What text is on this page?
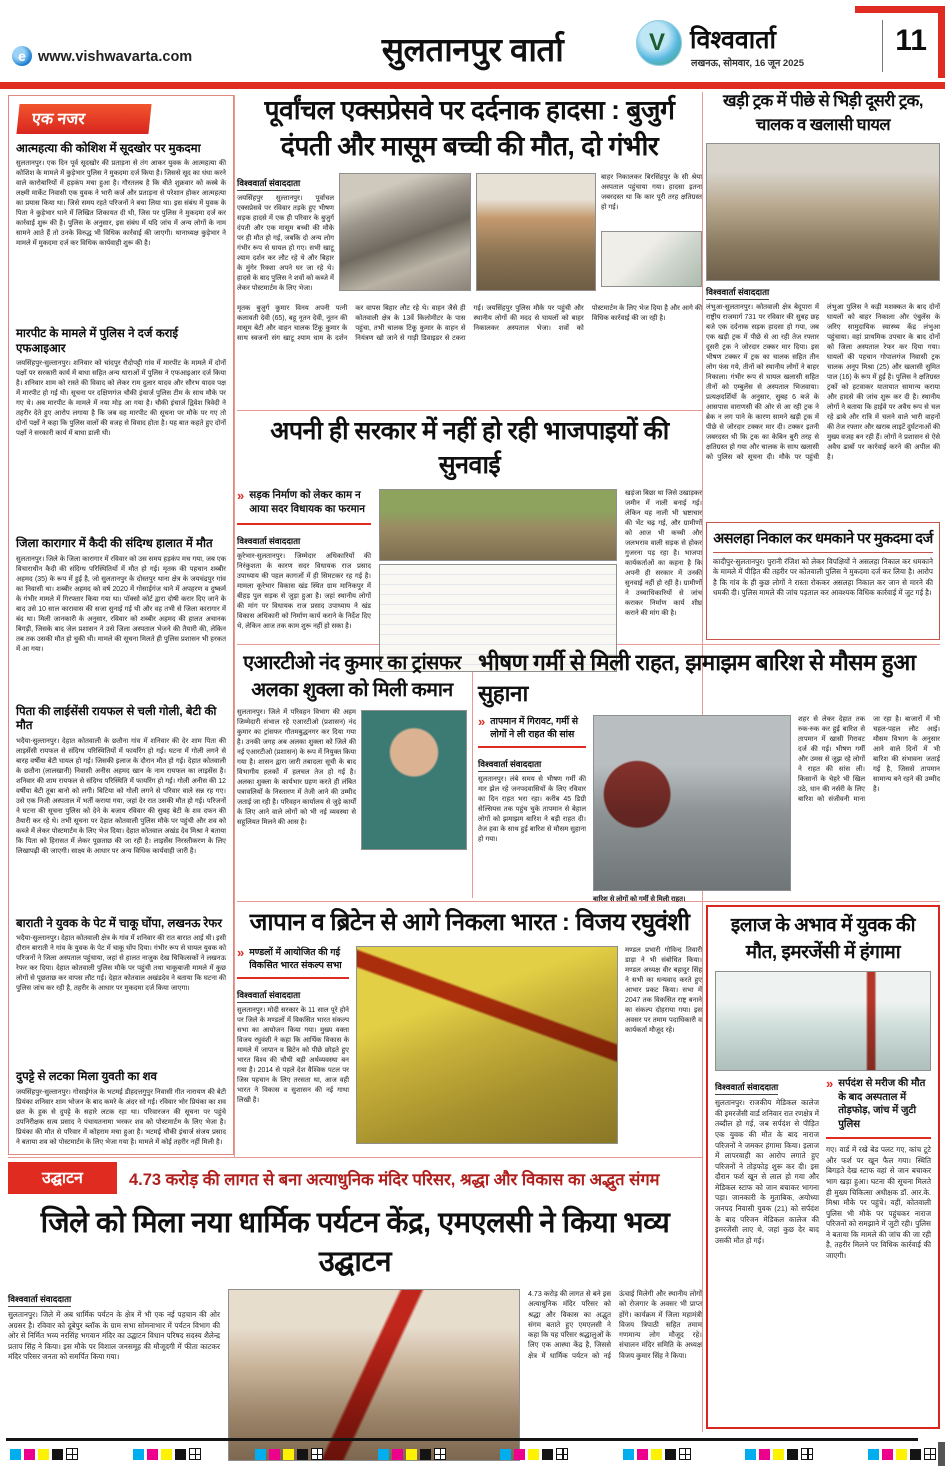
e www.vishwavarta.com	सुलतानपुर वार्ता	V विश्ववार्ता
लखनऊ, सोमवार, 16 जून 2025
11
एक नजर
आत्महत्या की कोशिश में सूदखोर पर मुकदमा
सुलतानपुर। एक दिन पूर्व सूदखोर की प्रताड़ना से तंग आकर युवक के आत्महत्या की कोशिश के मामले में कुड़ेभार पुलिस ने मुकदमा दर्ज किया है। जिससे सूद का धंधा करने वाले कारोबारियों में हड़कंप मचा हुआ है। गौरतलब है कि बीते शुक्रवार को कस्बे के लक्ष्मी मार्केट निवासी एक युवक ने भारी कर्ज और प्रताड़ना से परेशान होकर आत्महत्या का प्रयास किया था। जिसे समय रहते परिजनों ने बचा लिया था। इस संबंध में युवक के पिता ने कुड़ेभार थाने में लिखित शिकायत दी थी, जिस पर पुलिस ने मुकदमा दर्ज कर कार्रवाई शुरू की है। पुलिस के अनुसार, इस संबंध में यदि जांच में अन्य लोगों के नाम सामने आते हैं तो उनके विरुद्ध भी विधिक कार्रवाई की जाएगी। थानाध्यक्ष कुड़ेभार ने मामले में मुकदमा दर्ज कर विधिक कार्यवाही शुरू की है।
मारपीट के मामले में पुलिस ने दर्ज कराई एफआइआर
जयसिंहपुर-सुल्तानपुर। शनिवार को चांदपुर रौदोपट्टी गांव में मारपीट के मामले में दोनों पक्षों पर सरकारी कार्य में बाधा सहित अन्य धाराओं में पुलिस ने एफआइआर दर्ज किया है। शनिवार शाम को रास्ते की विवाद को लेकर राम दुलार यादव और सौरभ यादव पक्ष में मारपीट हो गई थी। सूचना पर दक्षिणगंज चौकी इंचार्ज पुलिस टीम के साथ मौके पर गए थे। अब मारपीट के मामले में नया मोड़ आ गया है। चौकी इंचार्ज द्विवेश त्रिवेदी ने तहरीर देते हुए आरोप लगाया है कि जब वह मारपीट की सूचना पर मौके पर गए तो दोनों पक्षों ने कहा कि पुलिस वालों की वजह से विवाद होता है। यह बात कहते हुए दोनों पक्षों ने सरकारी कार्य में बाधा डाली थी।
जिला कारागार में कैदी की संदिग्ध हालात में मौत
सुलतानपुर। जिले के जिला कारागार में रविवार को उस समय हड़कंप मच गया, जब एक विचाराधीन कैदी की संदिग्ध परिस्थितियों में मौत हो गई। मृतक की पहचान शब्बीर अहमद (35) के रूप में हुई है, जो सुलतानपुर के दोस्तपुर थाना क्षेत्र के जयचंद्रपुर गांव का निवासी था। शब्बीर अहमद को वर्ष 2020 में गोसाईगंज थाने में अपहरण व दुष्कर्म के गंभीर मामले में गिरफ्तार किया गया था। पॉक्सो कोर्ट द्वारा दोषी करार दिए जाने के बाद उसे 10 साल कारावास की सजा सुनाई गई थी और वह तभी से जिला कारागार में बंद था। मिली जानकारी के अनुसार, रविवार को शब्बीर अहमद की हालत अचानक बिगड़ी, जिसके बाद जेल प्रशासन ने उसे जिला अस्पताल भेजने की तैयारी की, लेकिन तब तक उसकी मौत हो चुकी थी। मामले की सूचना मिलते ही पुलिस प्रशासन भी हरकत में आ गया।
पिता की लाईसेंसी रायफल से चली गोली, बेटी की मौत
भदैया-सुल्तानपुर। देहात कोतवाली के छतौना गांव में शनिवार की देर शाम पिता की लाइसेंसी रायफल से संदिग्ध परिस्थितियों में फायरिंग हो गई। घटना में गोली लगने से बारह वर्षीया बेटी घायल हो गई। जिसकी इलाज के दौरान मौत हो गई। देहात कोतवाली के छतौना (लालखानी) निवासी अनीस अहमद खान के नाम रायफल का लाइसेंस है। शनिवार की शाम रायफल से संदिग्ध परिस्थिति में फायरिंग हो गई। गोली अनीस की 12 वर्षीया बेटी तूबा बानो को लगी। बिटिया को गोली लगने से परिवार वाले सन्न रह गए। उसे एक निजी अस्पताल में भर्ती कराया गया, जहां देर रात उसकी मौत हो गई। परिजनों ने घटना की सूचना पुलिस को देने के बजाय रविवार की सुबह बेटी के शव दफन की तैयारी कर रहे थे। तभी सूचना पर देहात कोतवाली पुलिस मौके पर पहुंची और शव को कब्जे में लेकर पोस्टमार्टम के लिए भेज दिया। देहात कोतवाल अखंड देव मिश्रा ने बताया कि पिता को हिरासत में लेकर पूछताछ की जा रही है। लाइसेंस निरस्तीकरण के लिए लिखापढ़ी की जाएगी। साक्ष्य के आधार पर अन्य विधिक कार्यवाही जारी है।
बाराती ने युवक के पेट में चाकू घोंपा, लखनऊ रेफर
भदैया-सुल्तानपुर। देहात कोतवाली क्षेत्र के गांव में शनिवार की रात बारात आई थी। इसी दौरान बाराती ने गांव के युवक के पेट में चाकू घोंप दिया। गंभीर रूप से घायल युवक को परिजनों ने जिला अस्पताल पहुंचाया, जहां से हालत नाजुक देख चिकित्सकों ने लखनऊ रेफर कर दिया। देहात कोतवाली पुलिस मौके पर पहुंची तथा चाकूबाजी मामले में कुछ लोगों से पूछताछ कर वापस लौट गई। देहात कोतवाल अखंडदेव ने बताया कि घटना की पुलिस जांच कर रही है, तहरीर के आधार पर मुकदमा दर्ज किया जाएगा।
दुपट्टे से लटका मिला युवती का शव
जयसिंहपुर-सुल्तानपुर। गोसाईगंज के भटमई डीहदत्तगुपुर निवासी गीत नारायण की बेटी प्रियंका शनिवार शाम भोजन के बाद कमरे के अंदर सो गई। रविवार भोर प्रियंका का शव छत के हुक से दुपट्टे के सहारे लटक रहा था। परिवारजन की सूचना पर पहुंचे उपनिरीक्षक सत्य प्रसाद ने पंचायतनामा भरकर शव को पोस्टमार्टम के लिए भेजा है। प्रियंका की मौत से परिवार में कोहराम मचा हुआ है। भटमई चौकी इंचार्ज संजय प्रसाद ने बताया शव को पोस्टमार्टम के लिए भेजा गया है। मामले में कोई तहरीर नहीं मिली है।
पूर्वांचल एक्सप्रेसवे पर दर्दनाक हादसा : बुजुर्ग दंपती और मासूम बच्ची की मौत, दो गंभीर
विश्ववार्ता संवाददाता
जयसिंहपुर सुल्तानपुर। पूर्वांचल एक्सप्रेसवे पर रविवार तड़के हुए भीषण सड़क हादसे में एक ही परिवार के बुजुर्ग दंपती और एक मासूम बच्ची की मौके पर ही मौत हो गई, जबकि दो अन्य लोग गंभीर रूप से घायल हो गए। सभी खाटू श्याम दर्शन कर लौट रहे थे और बिहार के मुंगेर रिक्शा अपने घर जा रहे थे। हादसे के बाद पुलिस ने शवों को कब्जे में लेकर पोस्टमार्टम के लिए भेजा।
बाहर निकालकर बिरसिंहपुर के सी श्रेया अस्पताल पहुंचाया गया। हादसा इतना जबरदस्त था कि कार पूरी तरह क्षतिग्रस्त हो गई।
मृतक बुजुर्ग कुमार विनय अपनी पत्नी कलावती देवी (65), बहू नूतन देवी, नूतन की मासूम बेटी और वाहन चालक टिंकू कुमार के साथ स्वजनों संग खाटू श्याम धाम के दर्शन कर वापस बिहार लौट रहे थे। वाहन जैसे ही कोतवाली क्षेत्र के 13वें किलोमीटर के पास पहुंचा, तभी चालक टिंकू कुमार के वाहन से नियंत्रण खो जाने से गाड़ी डिवाइडर से टकरा गई। जयसिंहपुर पुलिस मौके पर पहुंची और स्थानीय लोगों की मदद से घायलों को बाहर निकालकर अस्पताल भेजा। शवों को पोस्टमार्टम के लिए भेज दिया है और आगे की विधिक कार्रवाई की जा रही है।
अपनी ही सरकार में नहीं हो रही भाजपाइयों की सुनवाई
» सड़क निर्माण को लेकर काम न आया सदर विधायक का फरमान
विश्ववार्ता संवाददाता
कूरेभार-सुलतानपुर। जिम्मेदार अधिकारियों की निरंकुशता के कारण सदर विधायक राज प्रसाद उपाध्याय की पहल कागजों में ही सिमटकर रह गई है। मामला कूरेभार विकास खंड स्थित ग्राम मानिकपुर में बीहड़ पुल सड़क से जुड़ा हुआ है। जहां स्थानीय लोगों की मांग पर विधायक राज प्रसाद उपाध्याय ने खंड विकास अधिकारी को निर्माण कार्य कराने के निर्देश दिए थे, लेकिन आज तक काम शुरू नहीं हो सका है।
खड़ंजा बिछा था जिसे उखाड़कर जमीन में नाली बनाई गई। लेकिन यह नाली भी भ्रष्टाचार की भेंट चढ़ गई, और ग्रामीणों को आज भी कच्ची और जलभराव वाली सड़क से होकर गुजरना पड़ रहा है। भाजपा कार्यकर्ताओं का कहना है कि अपनी ही सरकार में उनकी सुनवाई नहीं हो रही है। ग्रामीणों ने उच्चाधिकारियों से जांच कराकर निर्माण कार्य शीघ्र कराने की मांग की है।
एआरटीओ नंद कुमार का ट्रांसफर
अलका शुक्ला को मिली कमान
सुलतानपुर। जिले में परिवहन विभाग की अहम जिम्मेदारी संभाल रहे एआरटीओ (प्रशासन) नंद कुमार का ट्रांसफर गौतमबुद्धनगर कर दिया गया है। उनकी जगह अब अलका शुक्ला को जिले की नई एआरटीओ (प्रशासन) के रूप में नियुक्त किया गया है। शासन द्वारा जारी तबादला सूची के बाद विभागीय हलकों में हलचल तेज हो गई है। अलका शुक्ला के कार्यभार ग्रहण करते ही लंबित पत्रावलियों के निस्तारण में तेजी आने की उम्मीद जताई जा रही है। परिवहन कार्यालय से जुड़े कार्यों के लिए आने वाले लोगों को भी नई व्यवस्था से सहूलियत मिलने की आस है।
भीषण गर्मी से मिली राहत, झमाझम बारिश से मौसम हुआ सुहाना
» तापमान में गिरावट, गर्मी से लोगों ने ली राहत की सांस
विश्ववार्ता संवाददाता
सुलतानपुर। लंबे समय से भीषण गर्मी की मार झेल रहे जनपदवासियों के लिए रविवार का दिन राहत भरा रहा। करीब 45 डिग्री सेल्सियस तक पहुंच चुके तापमान से बेहाल लोगों को झमाझम बारिश ने बड़ी राहत दी। तेज हवा के साथ हुई बारिश से मौसम सुहाना हो गया।
बारिश से लोगों को गर्मी से मिली राहत।
शहर से लेकर देहात तक रुक-रुक कर हुई बारिश से तापमान में खासी गिरावट दर्ज की गई। भीषण गर्मी और उमस से जूझ रहे लोगों ने राहत की सांस ली। किसानों के चेहरे भी खिल उठे, धान की नर्सरी के लिए बारिश को संजीवनी माना जा रहा है। बाजारों में भी चहल-पहल लौट आई। मौसम विभाग के अनुसार आने वाले दिनों में भी बारिश की संभावना जताई गई है, जिससे तापमान सामान्य बने रहने की उम्मीद है।
जापान व ब्रिटेन से आगे निकला भारत : विजय रघुवंशी
» मण्डलों में आयोजित की गई विकसित भारत संकल्प सभा
विश्ववार्ता संवाददाता
सुलतानपुर। मोदी सरकार के 11 साल पूरे होने पर जिले के मण्डलों में विकसित भारत संकल्प सभा का आयोजन किया गया। मुख्य वक्ता विजय रघुवंशी ने कहा कि आर्थिक विकास के मामले में जापान व ब्रिटेन को पीछे छोड़ते हुए भारत विश्व की चौथी बड़ी अर्थव्यवस्था बन गया है। 2014 से पहले देश वैश्विक पटल पर जिस पहचान के लिए तरसता था, आज वही भारत ने विकास व सुशासन की नई गाथा लिखी है।
मण्डल प्रभारी गोविन्द तिवारी डाड़ा ने भी संबोधित किया। मण्डल अध्यक्ष वीर बहादुर सिंह ने सभी का धन्यवाद करते हुए आभार प्रकट किया। सभा में 2047 तक विकसित राष्ट्र बनाने का संकल्प दोहराया गया। इस अवसर पर तमाम पदाधिकारी व कार्यकर्ता मौजूद रहे।
खड़ी ट्रक में पीछे से भिड़ी दूसरी ट्रक, चालक व खलासी घायल
विश्ववार्ता संवाददाता
लंभुआ-सुलतानपुर। कोतवाली क्षेत्र बेदूपारा में राष्ट्रीय राजमार्ग 731 पर रविवार की सुबह छह बजे एक दर्दनाक सड़क हादसा हो गया, जब एक खड़ी ट्रक में पीछे से आ रही तेज रफ्तार दूसरी ट्रक ने जोरदार टक्कर मार दिया। इस भीषण टक्कर में ट्रक का चालक सहित तीन लोग फंस गये, तीनों को स्थानीय लोगों ने बाहर निकाला। गंभीर रूप से घायल खलासी सहित तीनों को एम्बुलेंस से अस्पताल भिजवाया। प्रत्यक्षदर्शियों के अनुसार, सुबह 6 बजे के आसपास वाराणसी की ओर से आ रही ट्रक ने ब्रेक न लग पाने के कारण सामने खड़ी ट्रक में पीछे से जोरदार टक्कर मार दी। टक्कर इतनी जबरदस्त थी कि ट्रक का केबिन बुरी तरह से क्षतिग्रस्त हो गया और चालक के साथ खलासी को पुलिस को सूचना दी। मौके पर पहुंची लंभुआ पुलिस ने कड़ी मशक्कत के बाद दोनों घायलों को बाहर निकाला और एंबुलेंस के जरिए सामुदायिक स्वास्थ्य केंद्र लंभुआ पहुंचाया। वहां प्राथमिक उपचार के बाद दोनों को जिला अस्पताल रेफर कर दिया गया। घायलों की पहचान गोपालगंज निवासी ट्रक चालक अनूप मिश्रा (25) और खलासी सुमित पाल (16) के रूप में हुई है। पुलिस ने क्षतिग्रस्त ट्रकों को हटवाकर यातायात सामान्य कराया और हादसे की जांच शुरू कर दी है। स्थानीय लोगों ने बताया कि हाईवे पर अवैध रूप से चल रहे ढाबे और रात्रि में चलने वाले भारी वाहनों की तेज रफ्तार और खराब लाइटें दुर्घटनाओं की मुख्य वजह बन रही हैं। लोगों ने प्रशासन से ऐसे अवैध ढाबों पर कार्रवाई करने की अपील की है।
असलहा निकाल कर धमकाने पर मुकदमा दर्ज
कादीपुर-सुलतानपुर। पुरानी रंजिश को लेकर विपक्षियों ने असलहा निकाल कर धमकाने के मामले में पीड़ित की तहरीर पर कोतवाली पुलिस ने मुकदमा दर्ज कर लिया है। आरोप है कि गांव के ही कुछ लोगों ने रास्ता रोककर असलहा निकाल कर जान से मारने की धमकी दी। पुलिस मामले की जांच पड़ताल कर आवश्यक विधिक कार्रवाई में जुट गई है।
इलाज के अभाव में युवक की मौत, इमरजेंसी में हंगामा
विश्ववार्ता संवाददाता
सुलतानपुर। राजकीय मेडिकल कालेज की इमरजेंसी वार्ड शनिवार रात रणक्षेत्र में तब्दील हो गई, जब सर्पदंश से पीड़ित एक युवक की मौत के बाद नाराज परिजनों ने जमकर हंगामा किया। इलाज में लापरवाही का आरोप लगाते हुए परिजनों ने तोड़फोड़ शुरू कर दी। इस दौरान फर्श खून से लाल हो गया और मेडिकल स्टाफ को जान बचाकर भागना पड़ा। जानकारी के मुताबिक, अयोध्या जनपद निवासी युवक (21) को सर्पदंश के बाद परिजन मेडिकल कालेज की इमरजेंसी लाए थे, जहां कुछ देर बाद उसकी मौत हो गई।
» सर्पदंश से मरीज की मौत के बाद अस्पताल में तोड़फोड़, जांच में जुटी पुलिस
गए। वार्ड में रखे बेड पलट गए, कांच टूटे और फर्श पर खून फैल गया। स्थिति बिगड़ते देख स्टाफ वहां से जान बचाकर भाग खड़ा हुआ। घटना की सूचना मिलते ही मुख्य चिकित्सा अधीक्षक डॉ. आर.के. मिश्रा मौके पर पहुंचे। वहीं, कोतवाली पुलिस भी मौके पर पहुंचकर नाराज परिजनों को समझाने में जुटी रही। पुलिस ने बताया कि मामले की जांच की जा रही है, तहरीर मिलने पर विधिक कार्रवाई की जाएगी।
उद्घाटन	4.73 करोड़ की लागत से बना अत्याधुनिक मंदिर परिसर, श्रद्धा और विकास का अद्भुत संगम
जिले को मिला नया धार्मिक पर्यटन केंद्र, एमएलसी ने किया भव्य उद्घाटन
विश्ववार्ता संवाददाता
सुलतानपुर। जिले में अब धार्मिक पर्यटन के क्षेत्र में भी एक नई पहचान की ओर अग्रसर है। रविवार को दूबेपुर ब्लॉक के ग्राम सभा सोमनाभार में पर्यटन विभाग की ओर से निर्मित भव्य नरसिंह भगवान मंदिर का उद्घाटन विधान परिषद सदस्य शैलेन्द्र प्रताप सिंह ने किया। इस मौके पर विशाल जनसमूह की मौजूदगी में फीता काटकर मंदिर परिसर जनता को समर्पित किया गया।
4.73 करोड़ की लागत से बने इस अत्याधुनिक मंदिर परिसर को श्रद्धा और विकास का अद्भुत संगम बताते हुए एमएलसी ने कहा कि यह परिसर श्रद्धालुओं के लिए एक आस्था केंद्र है, जिससे क्षेत्र में धार्मिक पर्यटन को नई ऊंचाई मिलेगी और स्थानीय लोगों को रोजगार के अवसर भी प्राप्त होंगे। कार्यक्रम में जिला महामंत्री विजय त्रिपाठी सहित तमाम गणमान्य लोग मौजूद रहे। संचालन मंदिर समिति के अध्यक्ष विजय कुमार सिंह ने किया।
